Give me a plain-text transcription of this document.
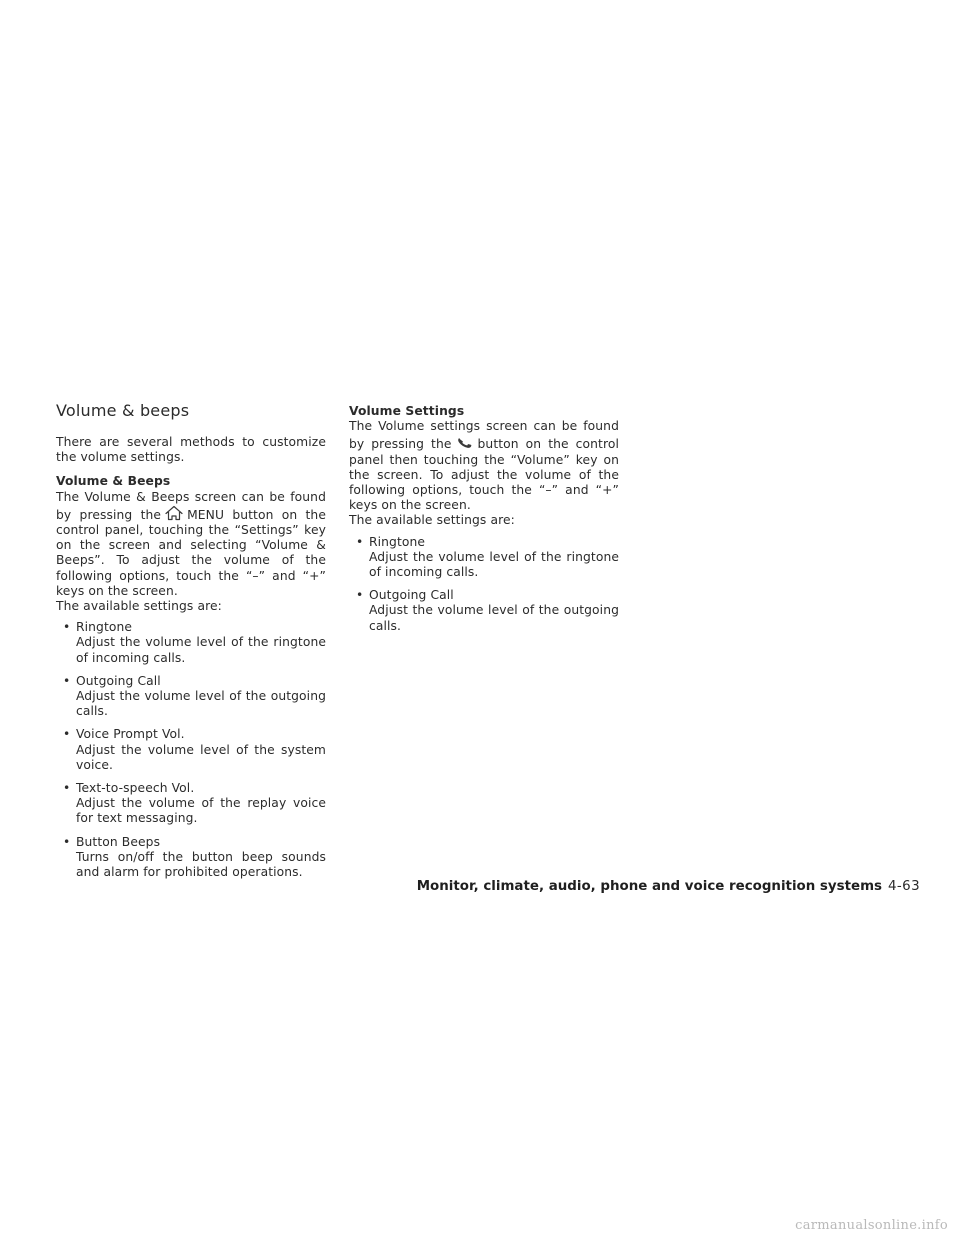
Volume & beeps

There are several methods to customize the volume settings.

Volume & Beeps

The Volume & Beeps screen can be found by pressing the MENU button on the control panel, touching the “Settings” key on the screen and selecting “Volume & Beeps”. To adjust the volume of the following options, touch the “–” and “+” keys on the screen.

The available settings are:

• Ringtone
Adjust the volume level of the ringtone of incoming calls.
• Outgoing Call
Adjust the volume level of the outgoing calls.
• Voice Prompt Vol.
Adjust the volume level of the system voice.
• Text-to-speech Vol.
Adjust the volume of the replay voice for text messaging.
• Button Beeps
Turns on/off the button beep sounds and alarm for prohibited operations.

Volume Settings

The Volume settings screen can be found by pressing the button on the control panel then touching the “Volume” key on the screen. To adjust the volume of the following options, touch the “–” and “+” keys on the screen.

The available settings are:

• Ringtone
Adjust the volume level of the ringtone of incoming calls.
• Outgoing Call
Adjust the volume level of the outgoing calls.
Monitor, climate, audio, phone and voice recognition systems 4-63
carmanualsonline.info
